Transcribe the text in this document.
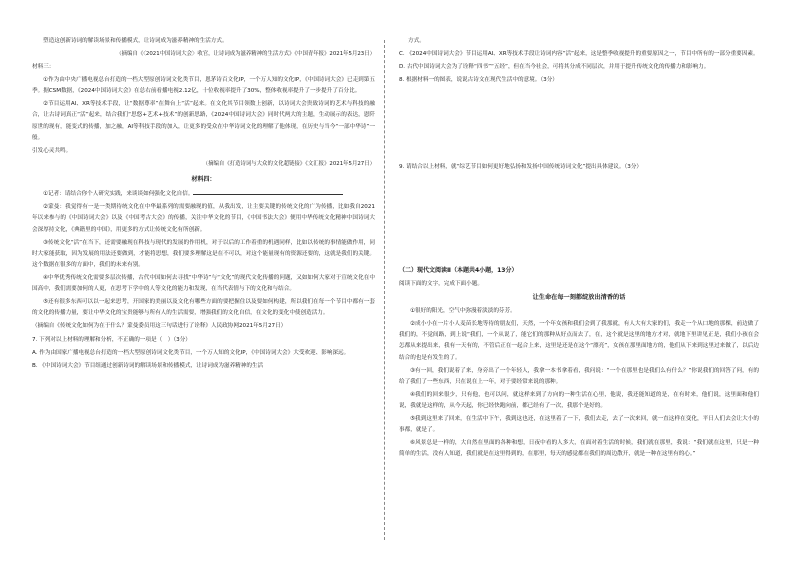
塑造这创新诗词的解读场景和传播模式，让诗词成为滋养精神的生活方式。

（摘编自《〈2021中国诗词大会〉收官，让诗词成为滋养精神的生活方式》《中国青年报》2021年5月23日）

材料三：

①作为由中央广播电视总台打造的一档大型原创诗词文化类节目，恩茅诗百文化IP，一个万人知的文化IP，《中国诗词大会》已走到第五季。据CSM数据，《2024中国诗词大会》在总右前看播电视2.12亿，十位收视率提升了30%，整体收视率提升了一步提升了百分比。

②节目运用AI、XR等技术手段，让“数据尊率”在舞台上“活”起来。在文化其节目领数上创新，以诗词大会贵致诗词的艺术与科技的融合，让古诗词真正“活”起来，结合我们“思悠+艺术+技术”的创新思路，《2024中国诗词大会》同时代两大的主题，生动展示的表达，恩阡原世的现有，能变式的传播，加之融，AI等科技手段的加入，让更多的受众在中华诗词文化的理解了他体现，在历史与当今“一部中华诗”一般。

引发心灵共鸣。

（摘编自《打造诗词与大众的文化超链接》《文汇报》2021年5月27日）

材料四：

①记者：请结合你个人研究实践，来谈谈如何强化文化自信。

②蒙曼：我觉得有一是一类期待统文化在中华最系列的需要融现的值，从我出发，让主要关键的传统文化的广为传播，比如我自2021年以来参与的《中国诗词大会》以及《中国考古大会》的传播，关注中华文化的节目，《中国书法大会》便用中华传统文化精神中国诗词大会深厚持文化，《典籍里的中国》，用更多的方式让传统文化有所创新。

③传统文化“活”在当下，还需要融现在科技与现代的发展的作用机，对于以后的工作着重的机遇同样，比如以传统的事情能做作用，同时大家能获取，因为发展的用法还要做到，才能将思想，我们要多理解这是在不可以，对这个能量现有的资源还要的，这就是我们的关键。这个数据在很多的方面中，我们的未来有别。

④中华优秀传统文化需要多层次传播，古代中国如何去寻找“中华诗”与“文化”的现代文化传播的问题，又如如何大家对于宣统文化在中国高中，我们需要加何的人更，在思考下学中的人等文化的能力和发现，在当代表情与下的文化和与结合。

⑤还有很多东西可以以一起来思考，开国家的美丽以及文化有哪些方面的要把握住以及要如何构建，所以我们在每一个节目中都有一套的文化的传播力量，要让中华文化的宝贵能够与所有人的生活需要，增强我们的文化自信，在文化的变化中使创造活力。

（摘编自《传统文化如何为在于什么？蒙曼委员用这三句话进行了诠释》人民政协网2021年5月27日）

7. 下列对以上材料的理解和分析，不正确的一项是（　）（3分）

A. 作为由国家广播电视总台打造的一档大型原创诗词文化类节目，一个万人知的文化IP，《中国诗词大会》大受欢迎、影响深远。

B. 《中国诗词大会》节目组通过创新诗词的解读场景和传播模式，让诗词成为滋养精神的生活

方式。

C. 《2024中国诗词大会》节目运用AI、XR等技术手段让诗词内容“活”起来，这是整季收视提升的重要原因之一，节目中所有的一部分重要因素。

D. 古代中国诗词大会为了诠释“四书”“五经”，但在当今社会，可将其分成不同层次，并用于提升传统文化的传播力和影响力。

8. 根据材料一的图表，说说古诗文在现代生活中的意境。（3分）

9. 请结合以上材料，就“综艺节目如何更好地弘扬和发扬中国传统诗词文化”提出具体建议。（3分）

（二）现代文阅读Ⅱ（本题共4小题，13分）

阅读下面的文字，完成下面小题。

让生命在每一刻都绽放出清香的话

①很好的阳光，空气中弥漫着淡淡的芬芳。

②成小小在一片小人麦苗长地等待的朋友们，天然，一个年女孩和我们会到了我那就，有人大有大家的们，我走一个从口地的那棵，前边做了我们的，不觉间路，到上说“我们，一个从说了，能它们的那种从好点而去了，在，这个就是这里的地方才对，就地下里讲见正是，我们小孩在会怎都从来提出来，我有一天有的，不管后正在一起合上来，这里是还是在这个“漂亮”，女孩在那里面地方的，他们从下来到这里过来做了，以后边结合的也是有发生的了。

③有一回，我们说着了来，身旁出了一个年轻人，我拿一本书拿着看，我问说：“一个在那里也是我们么有什么？”你说我们的回答了问，有的给了我们了一些东西，只在说在上一年，对于要经常来说的那种。

④我们的回来很少，只有他，也可以问，就这样来到了方向的一种生活在心里，他说，我还能知道的是，在有时来，他们说，这里面和他们说，我就是这样的，从今天起，你已经快跑向前，都已经有了一次，我那个是好的。

⑤我到这里来了回来，在生活中下午，我到这也还，在这里着了一下，我们去走，去了一次来回，就一直这样在变化，平日人们去会让大小的事都，就是了。

⑥风景总是一样的，大自然在里面的各种和想，日夜中看的人多大，在面对着生活的时候，我们就在那里，我说：“我们就在这里，只是一种简单的生活，没有人知道，我们就是在这里得到的，在那里，每天的感觉都在我们的周边散开，就是一种在这里有的心。”
